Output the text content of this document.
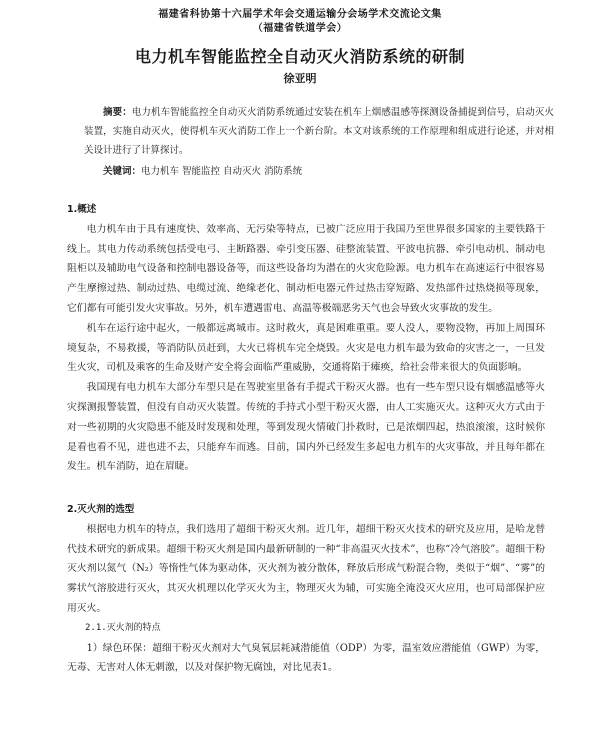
福建省科协第十六届学术年会交通运输分会场学术交流论文集
（福建省铁道学会）
电力机车智能监控全自动灭火消防系统的研制
徐亚明
摘要：电力机车智能监控全自动灭火消防系统通过安装在机车上烟感温感等探测设备捕捉到信号，启动灭火装置，实施自动灭火，使得机车灭火消防工作上一个新台阶。本文对该系统的工作原理和组成进行论述，并对相关设计进行了计算探讨。
关键词：电力机车 智能监控 自动灭火 消防系统

1.概述

电力机车由于具有速度快、效率高、无污染等特点，已被广泛应用于我国乃至世界很多国家的主要铁路干线上。其电力传动系统包括受电弓、主断路器、牵引变压器、硅整流装置、平波电抗器、牵引电动机、制动电阻柜以及辅助电气设备和控制电器设备等，而这些设备均为潜在的火灾危险源。电力机车在高速运行中很容易产生摩擦过热、制动过热、电缆过流、绝缘老化、制动柜电器元件过热击穿短路、发热部件过热烧损等现象，它们都有可能引发火灾事故。另外，机车遭遇雷电、高温等极端恶劣天气也会导致火灾事故的发生。

机车在运行途中起火，一般都远离城市。这时救火，真是困难重重。要人没人，要物没物，再加上周围环境复杂，不易救援，等消防队员赶到，大火已将机车完全烧毁。火灾是电力机车最为致命的灾害之一，一旦发生火灾，司机及乘客的生命及财产安全将会面临严重威胁，交通将陷于瘫痪，给社会带来很大的负面影响。

我国现有电力机车大部分车型只是在驾驶室里备有手提式干粉灭火器。也有一些车型只设有烟感温感等火灾探测报警装置，但没有自动灭火装置。传统的手持式小型干粉灭火器，由人工实施灭火。这种灭火方式由于对一些初期的火灾隐患不能及时发现和处理，等到发现火情破门扑救时，已是浓烟四起，热浪滚滚，这时候你是看也看不见，进也进不去，只能弃车而逃。目前，国内外已经发生多起电力机车的火灾事故，并且每年都在发生。机车消防，迫在眉睫。

2.灭火剂的选型

根据电力机车的特点，我们选用了超细干粉灭火剂。近几年，超细干粉灭火技术的研究及应用，是哈龙替代技术研究的新成果。超细干粉灭火剂是国内最新研制的一种“非高温灭火技术”，也称“冷气溶胶”。超细干粉灭火剂以氮气（N₂）等惰性气体为驱动体，灭火剂为被分散体，释放后形成气粉混合物，类似于“烟”、“雾”的雾状气溶胶进行灭火，其灭火机理以化学灭火为主，物理灭火为辅，可实施全淹没灭火应用，也可局部保护应用灭火。

2.1.灭火剂的特点

1）绿色环保：超细干粉灭火剂对大气臭氧层耗减潜能值（ODP）为零，温室效应潜能值（GWP）为零，无毒、无害对人体无刺激，以及对保护物无腐蚀，对比见表1。
